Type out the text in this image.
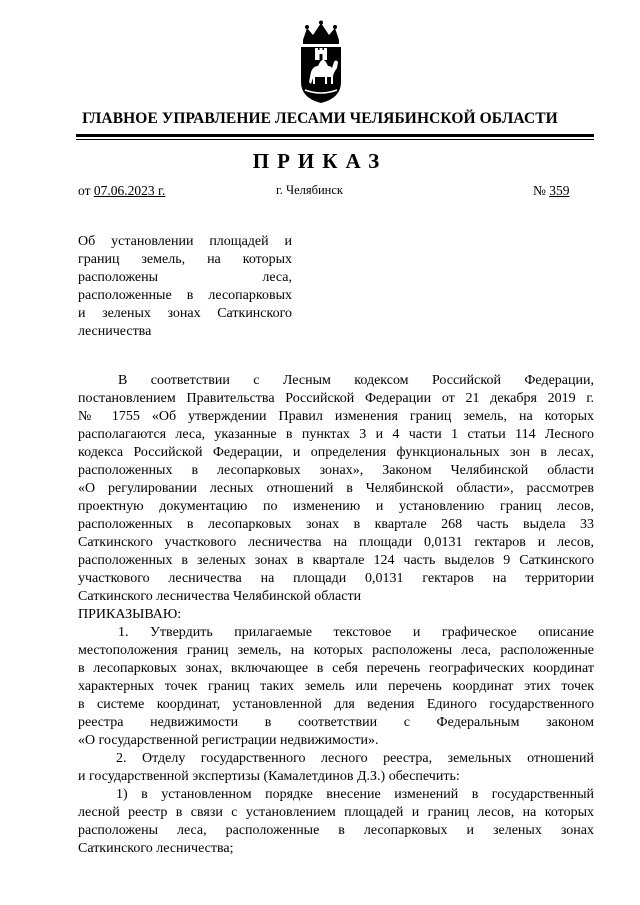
ГЛАВНОЕ УПРАВЛЕНИЕ ЛЕСАМИ ЧЕЛЯБИНСКОЙ ОБЛАСТИ
ПРИКАЗ
от 07.06.2023 г.	г. Челябинск	№ 359
Об установлении площадей и
границ земель, на которых
расположены леса,
расположенные в лесопарковых
и зеленых зонах Саткинского
лесничества
В соответствии с Лесным кодексом Российской Федерации,
постановлением Правительства Российской Федерации от 21 декабря 2019 г.
№ 1755 «Об утверждении Правил изменения границ земель, на которых
располагаются леса, указанные в пунктах 3 и 4 части 1 статьи 114 Лесного
кодекса Российской Федерации, и определения функциональных зон в лесах,
расположенных в лесопарковых зонах», Законом Челябинской области
«О регулировании лесных отношений в Челябинской области», рассмотрев
проектную документацию по изменению и установлению границ лесов,
расположенных в лесопарковых зонах в квартале 268 часть выдела 33
Саткинского участкового лесничества на площади 0,0131 гектаров и лесов,
расположенных в зеленых зонах в квартале 124 часть выделов 9 Саткинского
участкового лесничества на площади 0,0131 гектаров на территории
Саткинского лесничества Челябинской области
ПРИКАЗЫВАЮ:
1. Утвердить прилагаемые текстовое и графическое описание
местоположения границ земель, на которых расположены леса, расположенные
в лесопарковых зонах, включающее в себя перечень географических координат
характерных точек границ таких земель или перечень координат этих точек
в системе координат, установленной для ведения Единого государственного
реестра недвижимости в соответствии с Федеральным законом
«О государственной регистрации недвижимости».
2. Отделу государственного лесного реестра, земельных отношений
и государственной экспертизы (Камалетдинов Д.З.) обеспечить:
1) в установленном порядке внесение изменений в государственный
лесной реестр в связи с установлением площадей и границ лесов, на которых
расположены леса, расположенные в лесопарковых и зеленых зонах
Саткинского лесничества;
